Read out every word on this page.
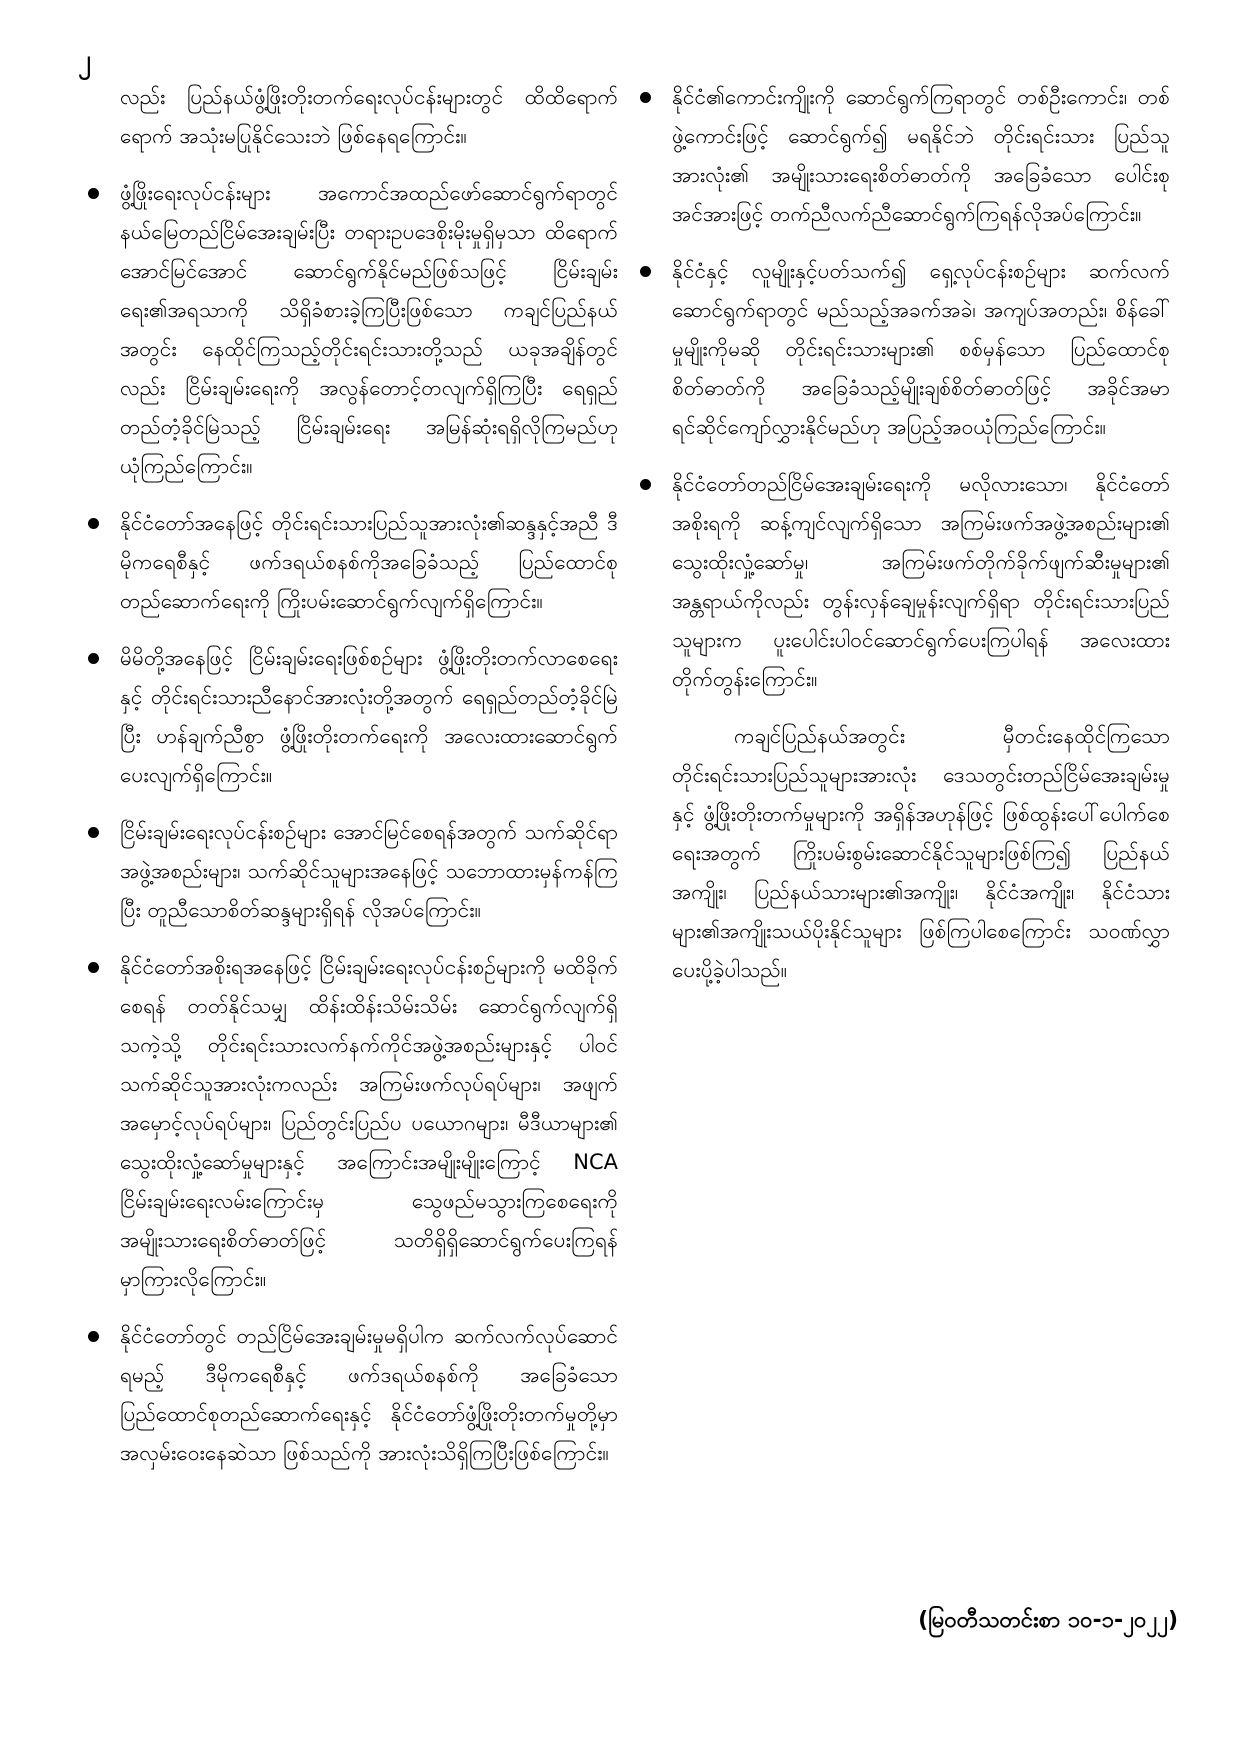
၂

လည်း ပြည်နယ်ဖွံ့ဖြိုးတိုးတက်ရေးလုပ်ငန်းများတွင် ထိထိရောက်ရောက် အသုံးမပြုနိုင်သေးဘဲ ဖြစ်နေရကြောင်း။

ဖွံ့ဖြိုးရေးလုပ်ငန်းများ အကောင်အထည်ဖော်ဆောင်ရွက်ရာတွင် နယ်မြေတည်ငြိမ်အေးချမ်းပြီး တရားဥပဒေစိုးမိုးမှုရှိမှသာ ထိရောက်အောင်မြင်အောင် ဆောင်ရွက်နိုင်မည်ဖြစ်သဖြင့် ငြိမ်းချမ်းရေး၏အရသာကို သိရှိခံစားခဲ့ကြပြီးဖြစ်သော ကချင်ပြည်နယ်အတွင်း နေထိုင်ကြသည့်တိုင်းရင်းသားတို့သည် ယခုအချိန်တွင်လည်း ငြိမ်းချမ်းရေးကို အလွန်တောင့်တလျက်ရှိကြပြီး ရေရှည်တည်တံ့ခိုင်မြဲသည့် ငြိမ်းချမ်းရေး အမြန်ဆုံးရရှိလိုကြမည်ဟု ယုံကြည်ကြောင်း။
နိုင်ငံတော်အနေဖြင့် တိုင်းရင်းသားပြည်သူအားလုံး၏ဆန္ဒနှင့်အညီ ဒီမိုကရေစီနှင့် ဖက်ဒရယ်စနစ်ကိုအခြေခံသည့် ပြည်ထောင်စုတည်ဆောက်ရေးကို ကြိုးပမ်းဆောင်ရွက်လျက်ရှိကြောင်း။
မိမိတို့အနေဖြင့် ငြိမ်းချမ်းရေးဖြစ်စဉ်များ ဖွံ့ဖြိုးတိုးတက်လာစေရေးနှင့် တိုင်းရင်းသားညီနောင်အားလုံးတို့အတွက် ရေရှည်တည်တံ့ခိုင်မြဲပြီး ဟန်ချက်ညီစွာ ဖွံ့ဖြိုးတိုးတက်ရေးကို အလေးထားဆောင်ရွက်ပေးလျက်ရှိကြောင်း။
ငြိမ်းချမ်းရေးလုပ်ငန်းစဉ်များ အောင်မြင်စေရန်အတွက် သက်ဆိုင်ရာ အဖွဲ့အစည်းများ၊ သက်ဆိုင်သူများအနေဖြင့် သဘောထားမှန်ကန်ကြပြီး တူညီသောစိတ်ဆန္ဒများရှိရန် လိုအပ်ကြောင်း။
နိုင်ငံတော်အစိုးရအနေဖြင့် ငြိမ်းချမ်းရေးလုပ်ငန်းစဉ်များကို မထိခိုက်စေရန် တတ်နိုင်သမျှ ထိန်းထိန်းသိမ်းသိမ်း ဆောင်ရွက်လျက်ရှိသကဲ့သို့ တိုင်းရင်းသားလက်နက်ကိုင်အဖွဲ့အစည်းများနှင့် ပါဝင်သက်ဆိုင်သူအားလုံးကလည်း အကြမ်းဖက်လုပ်ရပ်များ၊ အဖျက်အမှောင့်လုပ်ရပ်များ၊ ပြည်တွင်းပြည်ပ ပယောဂများ၊ မီဒီယာများ၏ သွေးထိုးလှုံ့ဆော်မှုများနှင့် အကြောင်းအမျိုးမျိုးကြောင့် NCA ငြိမ်းချမ်းရေးလမ်းကြောင်းမှ သွေဖည်မသွားကြစေရေးကို အမျိုးသားရေးစိတ်ဓာတ်ဖြင့် သတိရှိရှိဆောင်ရွက်ပေးကြရန် မှာကြားလိုကြောင်း။
နိုင်ငံတော်တွင် တည်ငြိမ်အေးချမ်းမှုမရှိပါက ဆက်လက်လုပ်ဆောင်ရမည့် ဒီမိုကရေစီနှင့် ဖက်ဒရယ်စနစ်ကို အခြေခံသော ပြည်ထောင်စုတည်ဆောက်ရေးနှင့် နိုင်ငံတော်ဖွံ့ဖြိုးတိုးတက်မှုတို့မှာ အလှမ်းဝေးနေဆဲသာ ဖြစ်သည်ကို အားလုံးသိရှိကြပြီးဖြစ်ကြောင်း။
နိုင်ငံ၏ကောင်းကျိုးကို ဆောင်ရွက်ကြရာတွင် တစ်ဦးကောင်း၊ တစ်ဖွဲ့ကောင်းဖြင့် ဆောင်ရွက်၍ မရနိုင်ဘဲ တိုင်းရင်းသား ပြည်သူအားလုံး၏ အမျိုးသားရေးစိတ်ဓာတ်ကို အခြေခံသော ပေါင်းစုအင်အားဖြင့် တက်ညီလက်ညီဆောင်ရွက်ကြရန်လိုအပ်ကြောင်း။
နိုင်ငံနှင့် လူမျိုးနှင့်ပတ်သက်၍ ရှေ့လုပ်ငန်းစဉ်များ ဆက်လက်ဆောင်ရွက်ရာတွင် မည်သည့်အခက်အခဲ၊ အကျပ်အတည်း၊ စိန်ခေါ်မှုမျိုးကိုမဆို တိုင်းရင်းသားများ၏ စစ်မှန်သော ပြည်ထောင်စုစိတ်ဓာတ်ကို အခြေခံသည့်မျိုးချစ်စိတ်ဓာတ်ဖြင့် အခိုင်အမာ ရင်ဆိုင်ကျော်လွှားနိုင်မည်ဟု အပြည့်အဝယုံကြည်ကြောင်း။
နိုင်ငံတော်တည်ငြိမ်အေးချမ်းရေးကို မလိုလားသော၊ နိုင်ငံတော်အစိုးရကို ဆန့်ကျင်လျက်ရှိသော အကြမ်းဖက်အဖွဲ့အစည်းများ၏ သွေးထိုးလှုံ့ဆော်မှု၊ အကြမ်းဖက်တိုက်ခိုက်ဖျက်ဆီးမှုများ၏ အန္တရာယ်ကိုလည်း တွန်းလှန်ချေမှုန်းလျက်ရှိရာ တိုင်းရင်းသားပြည်သူများက ပူးပေါင်းပါဝင်ဆောင်ရွက်ပေးကြပါရန် အလေးထားတိုက်တွန်းကြောင်း။

ကချင်ပြည်နယ်အတွင်း မှီတင်းနေထိုင်ကြသော တိုင်းရင်းသားပြည်သူများအားလုံး ဒေသတွင်းတည်ငြိမ်အေးချမ်းမှုနှင့် ဖွံ့ဖြိုးတိုးတက်မှုများကို အရှိန်အဟုန်ဖြင့် ဖြစ်ထွန်းပေါ်ပေါက်စေရေးအတွက် ကြိုးပမ်းစွမ်းဆောင်နိုင်သူများဖြစ်ကြ၍ ပြည်နယ်အကျိုး၊ ပြည်နယ်သားများ၏အကျိုး၊ နိုင်ငံအကျိုး၊ နိုင်ငံသားများ၏အကျိုးသယ်ပိုးနိုင်သူများ ဖြစ်ကြပါစေကြောင်း သဝဏ်လွှာပေးပို့ခဲ့ပါသည်။

(မြဝတီသတင်းစာ ၁၀-၁-၂၀၂၂)
